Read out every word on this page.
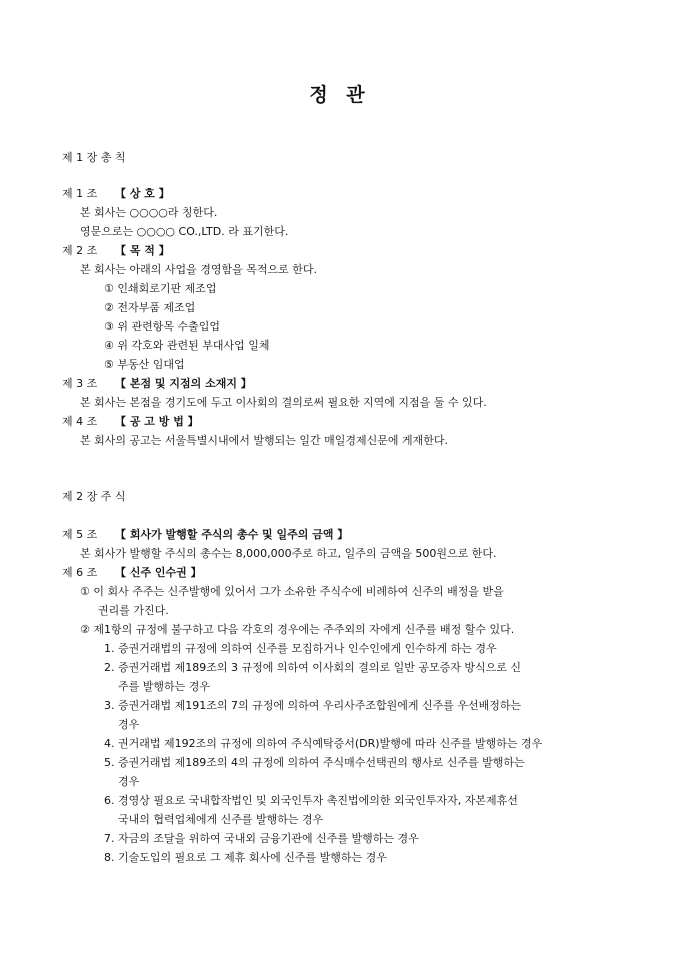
정 관
제 1 장 총 칙
제 1 조 【 상 호 】
본 회사는 ○○○○라 칭한다.
영문으로는 ○○○○ CO.,LTD. 라 표기한다.
제 2 조 【 목 적 】
본 회사는 아래의 사업을 경영함을 목적으로 한다.
① 인쇄회로기판 제조업
② 전자부품 제조업
③ 위 관련항목 수출입업
④ 위 각호와 관련된 부대사업 일체
⑤ 부동산 임대업
제 3 조 【 본점 및 지점의 소재지 】
본 회사는 본점을 경기도에 두고 이사회의 결의로써 필요한 지역에 지점을 둘 수 있다.
제 4 조 【 공 고 방 법 】
본 회사의 공고는 서울특별시내에서 발행되는 일간 매일경제신문에 게재한다.
제 2 장 주 식
제 5 조 【 회사가 발행할 주식의 총수 및 일주의 금액 】
본 회사가 발행할 주식의 총수는 8,000,000주로 하고, 일주의 금액을 500원으로 한다.
제 6 조 【 신주 인수권 】
① 이 회사 주주는 신주발행에 있어서 그가 소유한 주식수에 비례하여 신주의 배정을 받을
권리를 가진다.
② 제1항의 규정에 불구하고 다음 각호의 경우에는 주주외의 자에게 신주를 배정 할수 있다.
1. 증권거래법의 규정에 의하여 신주를 모집하거나 인수인에게 인수하게 하는 경우
2. 증권거래법 제189조의 3 규정에 의하여 이사회의 결의로 일반 공모증자 방식으로 신
주를 발행하는 경우
3. 증권거래법 제191조의 7의 규정에 의하여 우리사주조합원에게 신주를 우선배정하는
경우
4. 권거래법 제192조의 규정에 의하여 주식예탁증서(DR)발행에 따라 신주를 발행하는 경우
5. 증권거래법 제189조의 4의 규정에 의하여 주식매수선택권의 행사로 신주를 발행하는
경우
6. 경영상 필요로 국내합작법인 및 외국인투자 촉진법에의한 외국인투자자, 자본제휴선
국내의 협력업체에게 신주를 발행하는 경우
7. 자금의 조달을 위하여 국내외 금융기관에 신주를 발행하는 경우
8. 기술도입의 필요로 그 제휴 회사에 신주를 발행하는 경우
